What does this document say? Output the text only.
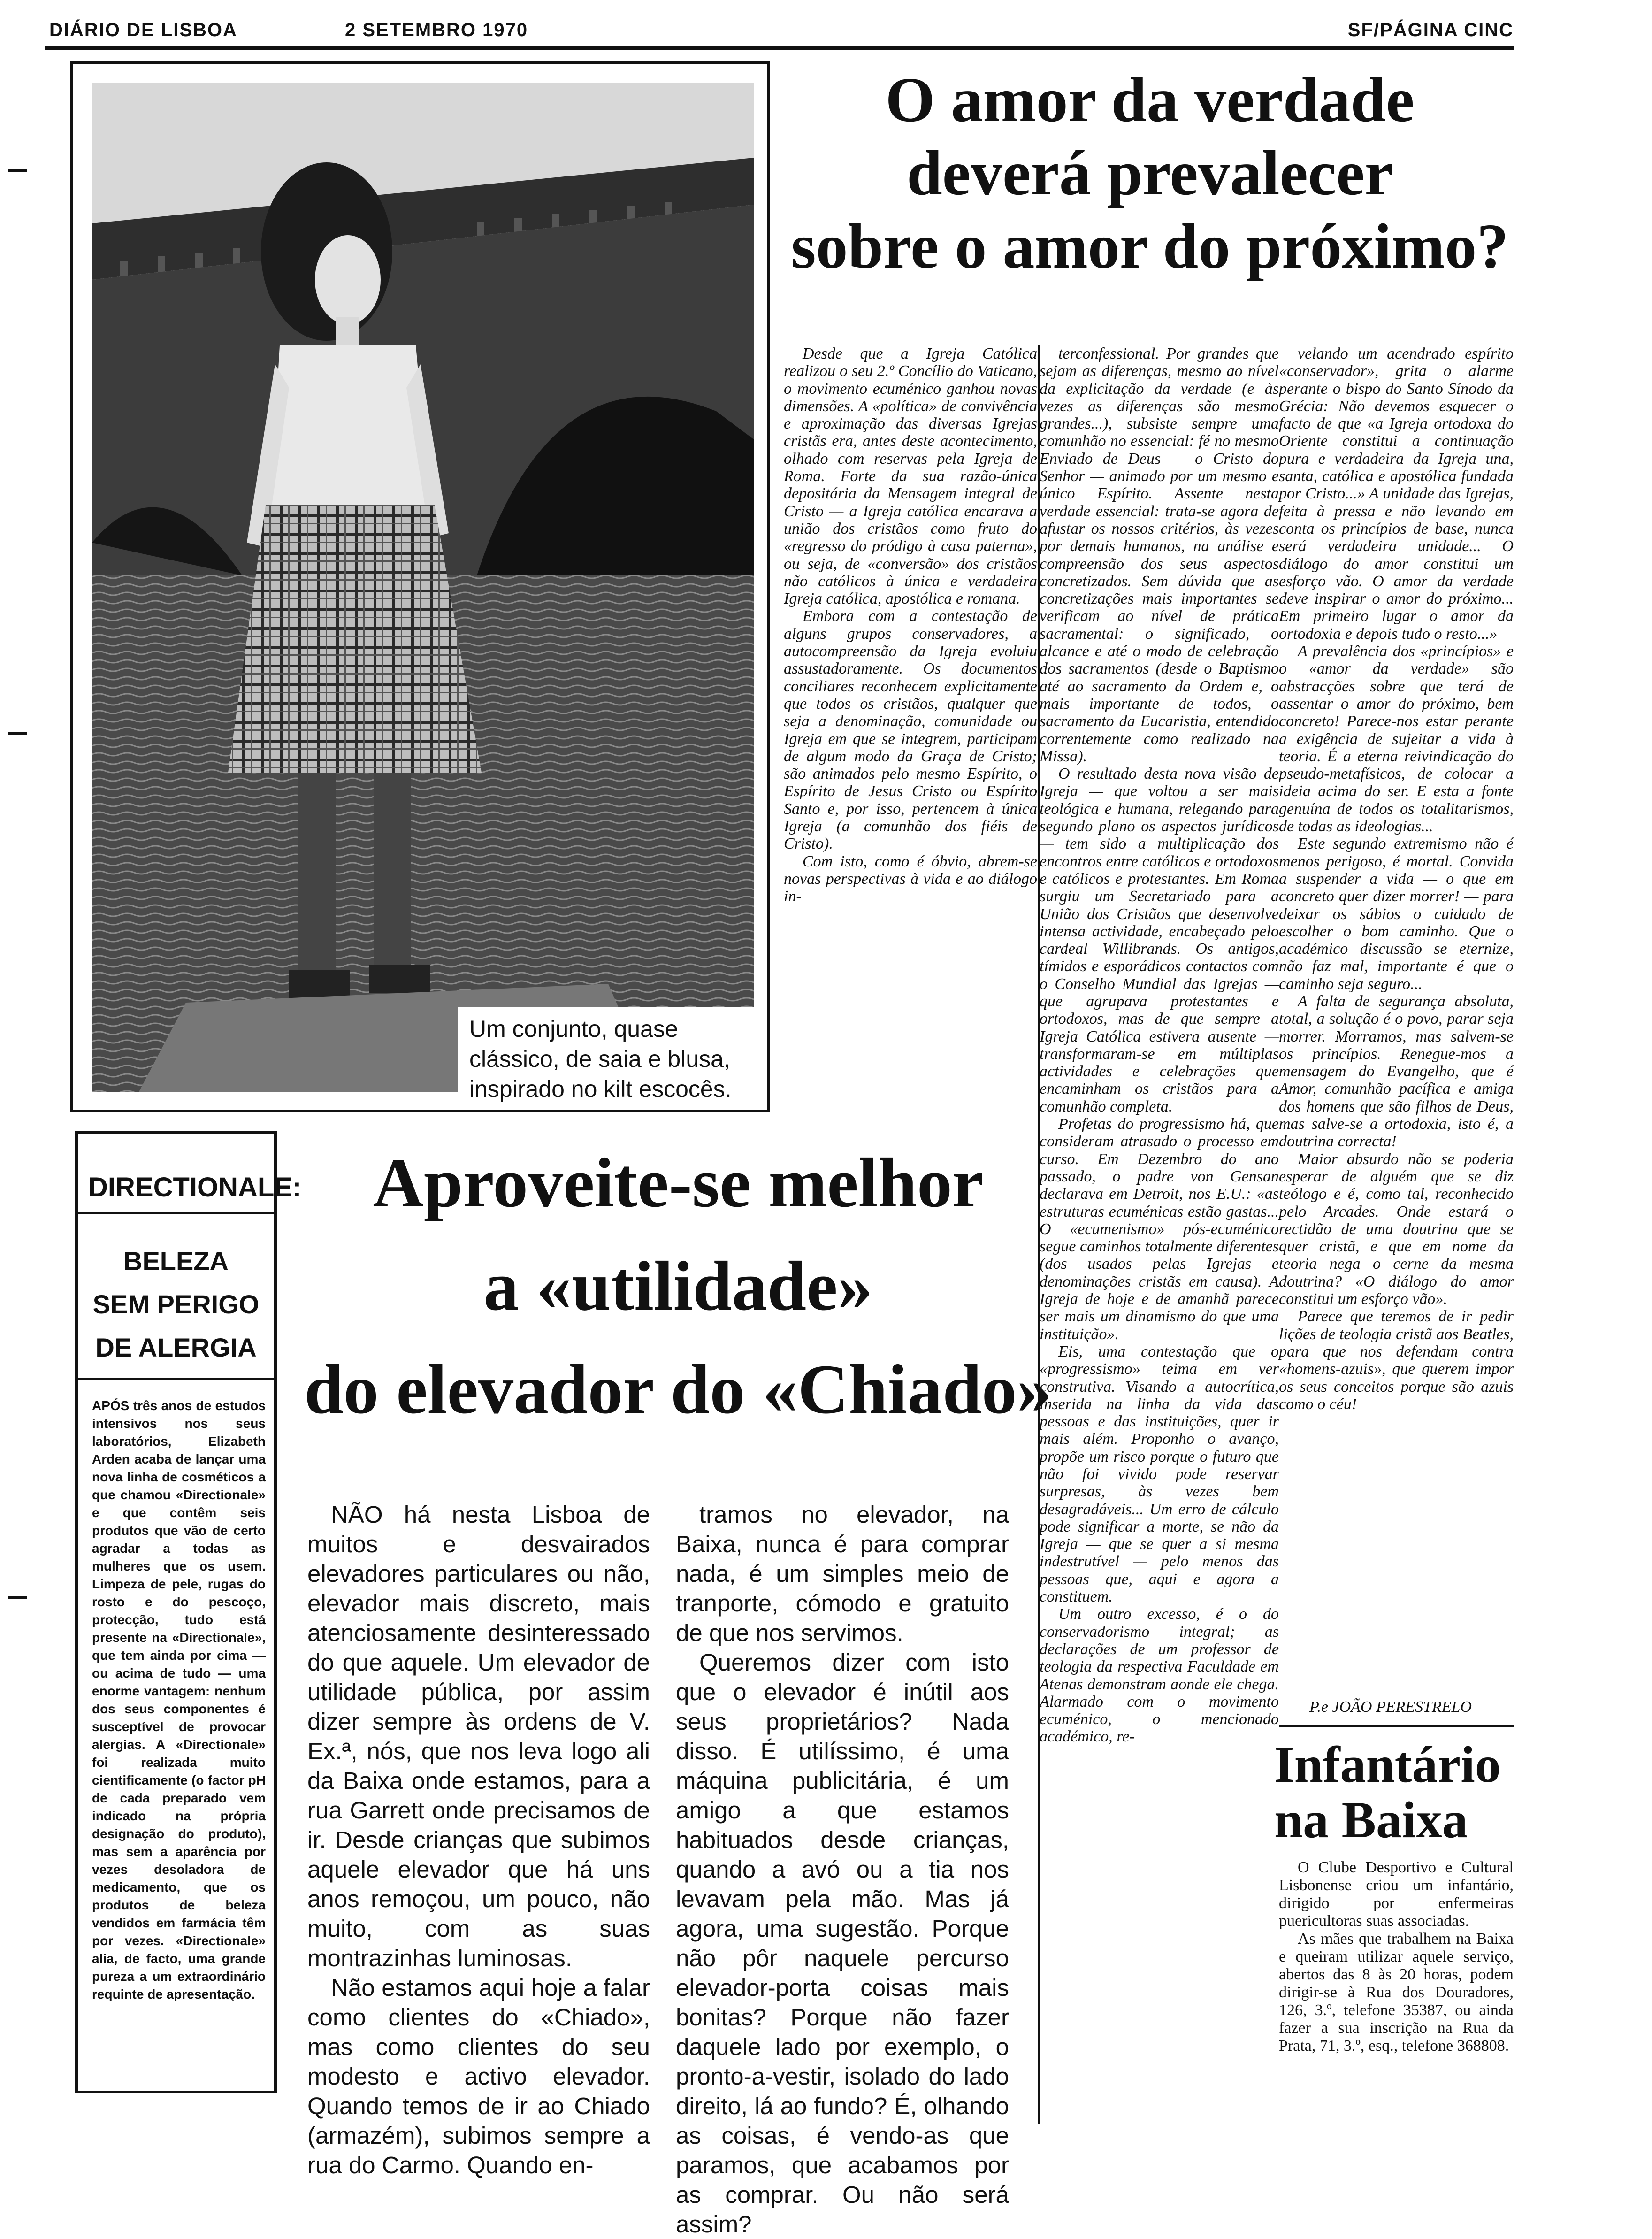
DIÁRIO DE LISBOA	2 SETEMBRO 1970	SF/PÁGINA CINC
Um conjunto, quase clássico, de saia e blusa, inspirado no kilt escocês.
O amor da verdade
deverá prevalecer
sobre o amor do próximo?

Desde que a Igreja Católica realizou o seu 2.º Concílio do Vaticano, o movimento ecuménico ganhou novas dimensões. A «política» de convivência e aproximação das diversas Igrejas cristãs era, antes deste acontecimento, olhado com reservas pela Igreja de Roma. Forte da sua razão-única depositária da Mensagem integral de Cristo — a Igreja católica encarava a união dos cristãos como fruto do «regresso do pródigo à casa paterna», ou seja, de «conversão» dos cristãos não católicos à única e verdadeira Igreja católica, apostólica e romana.

Embora com a contestação de alguns grupos conservadores, a autocompreensão da Igreja evoluiu assustadoramente. Os documentos conciliares reconhecem explicitamente que todos os cristãos, qualquer que seja a denominação, comunidade ou Igreja em que se integrem, participam de algum modo da Graça de Cristo; são animados pelo mesmo Espírito, o Espírito de Jesus Cristo ou Espírito Santo e, por isso, pertencem à única Igreja (a comunhão dos fiéis de Cristo).

Com isto, como é óbvio, abrem-se novas perspectivas à vida e ao diálogo in-

terconfessional. Por grandes que sejam as diferenças, mesmo ao nível da explicitação da verdade (e às vezes as diferenças são mesmo grandes...), subsiste sempre uma comunhão no essencial: fé no mesmo Enviado de Deus — o Cristo do Senhor — animado por um mesmo e único Espírito. Assente nesta verdade essencial: trata-se agora de afustar os nossos critérios, às vezes por demais humanos, na análise e compreensão dos seus aspectos concretizados. Sem dúvida que as concretizações mais importantes se verificam ao nível de prática sacramental: o significado, o alcance e até o modo de celebração dos sacramentos (desde o Baptismo até ao sacramento da Ordem e, o mais importante de todos, o sacramento da Eucaristia, entendido correntemente como realizado na Missa).

O resultado desta nova visão de Igreja — que voltou a ser mais teológica e humana, relegando para segundo plano os aspectos jurídicos — tem sido a multiplicação dos encontros entre católicos e ortodoxos e católicos e protestantes. Em Roma surgiu um Secretariado para a União dos Cristãos que desenvolve intensa actividade, encabeçado pelo cardeal Willibrands. Os antigos, tímidos e esporádicos contactos com o Conselho Mundial das Igrejas — que agrupava protestantes e ortodoxos, mas de que sempre a Igreja Católica estivera ausente — transformaram-se em múltiplas actividades e celebrações que encaminham os cristãos para a comunhão completa.

Profetas do progressismo há, que consideram atrasado o processo em curso. Em Dezembro do ano passado, o padre von Gensan declarava em Detroit, nos E.U.: «as estruturas ecuménicas estão gastas... O «ecumenismo» pós-ecuménico segue caminhos totalmente diferentes (dos usados pelas Igrejas e denominações cristãs em causa). A Igreja de hoje e de amanhã parece ser mais um dinamismo do que uma instituição».

Eis, uma contestação que o «progressismo» teima em ver construtiva. Visando a autocrítica, inserida na linha da vida das pessoas e das instituições, quer ir mais além. Proponho o avanço, propõe um risco porque o futuro que não foi vivido pode reservar surpresas, às vezes bem desagradáveis... Um erro de cálculo pode significar a morte, se não da Igreja — que se quer a si mesma indestrutível — pelo menos das pessoas que, aqui e agora a constituem.

Um outro excesso, é o do conservadorismo integral; as declarações de um professor de teologia da respectiva Faculdade em Atenas demonstram aonde ele chega. Alarmado com o movimento ecuménico, o mencionado académico, re-

velando um acendrado espírito «conservador», grita o alarme perante o bispo do Santo Sínodo da Grécia: Não devemos esquecer o facto de que «a Igreja ortodoxa do Oriente constitui a continuação pura e verdadeira da Igreja una, santa, católica e apostólica fundada por Cristo...» A unidade das Igrejas, feita à pressa e não levando em conta os princípios de base, nunca será verdadeira unidade... O diálogo do amor constitui um esforço vão. O amor da verdade deve inspirar o amor do próximo... Em primeiro lugar o amor da ortodoxia e depois tudo o resto...»

A prevalência dos «princípios» e o «amor da verdade» são abstracções sobre que terá de assentar o amor do próximo, bem concreto! Parece-nos estar perante a exigência de sujeitar a vida à teoria. É a eterna reivindicação do pseudo-metafísicos, de colocar a ideia acima do ser. E esta a fonte genuína de todos os totalitarismos, de todas as ideologias...

Este segundo extremismo não é menos perigoso, é mortal. Convida a suspender a vida — o que em concreto quer dizer morrer! — para deixar os sábios o cuidado de escolher o bom caminho. Que o académico discussão se eternize, não faz mal, importante é que o caminho seja seguro...

A falta de segurança absoluta, total, a solução é o povo, parar seja morrer. Morramos, mas salvem-se os princípios. Renegue-mos a mensagem do Evangelho, que é Amor, comunhão pacífica e amiga dos homens que são filhos de Deus, mas salve-se a ortodoxia, isto é, a doutrina correcta!

Maior absurdo não se poderia esperar de alguém que se diz teólogo e é, como tal, reconhecido pelo Arcades. Onde estará o rectidão de uma doutrina que se quer cristã, e que em nome da teoria nega o cerne da mesma doutrina? «O diálogo do amor constitui um esforço vão».

Parece que teremos de ir pedir lições de teologia cristã aos Beatles, para que nos defendam contra «homens-azuis», que querem impor os seus conceitos porque são azuis como o céu!

P.e JOÃO PERESTRELO
Infantário
na Baixa

O Clube Desportivo e Cultural Lisbonense criou um infantário, dirigido por enfermeiras puericultoras suas associadas.

As mães que trabalhem na Baixa e queiram utilizar aquele serviço, abertos das 8 às 20 horas, podem dirigir-se à Rua dos Douradores, 126, 3.º, telefone 35387, ou ainda fazer a sua inscrição na Rua da Prata, 71, 3.º, esq., telefone 368808.

DIRECTIONALE:
BELEZA
SEM PERIGO
DE ALERGIA
APÓS três anos de estudos intensivos nos seus laboratórios, Elizabeth Arden acaba de lançar uma nova linha de cosméticos a que chamou «Directionale» e que contêm seis produtos que vão de certo agradar a todas as mulheres que os usem. Limpeza de pele, rugas do rosto e do pescoço, protecção, tudo está presente na «Directionale», que tem ainda por cima — ou acima de tudo — uma enorme vantagem: nenhum dos seus componentes é susceptível de provocar alergias. A «Directionale» foi realizada muito cientificamente (o factor pH de cada preparado vem indicado na própria designação do produto), mas sem a aparência por vezes desoladora de medicamento, que os produtos de beleza vendidos em farmácia têm por vezes. «Directionale» alia, de facto, uma grande pureza a um extraordinário requinte de apresentação.
Aproveite-se melhor
a «utilidade»
do elevador do «Chiado»

NÃO há nesta Lisboa de muitos e desvairados elevadores particulares ou não, elevador mais discreto, mais atenciosamente desinteressado do que aquele. Um elevador de utilidade pública, por assim dizer sempre às ordens de V. Ex.ª, nós, que nos leva logo ali da Baixa onde estamos, para a rua Garrett onde precisamos de ir. Desde crianças que subimos aquele elevador que há uns anos remoçou, um pouco, não muito, com as suas montrazinhas luminosas.

Não estamos aqui hoje a falar como clientes do «Chiado», mas como clientes do seu modesto e activo elevador. Quando temos de ir ao Chiado (armazém), subimos sempre a rua do Carmo. Quando en-

tramos no elevador, na Baixa, nunca é para comprar nada, é um simples meio de tranporte, cómodo e gratuito de que nos servimos.

Queremos dizer com isto que o elevador é inútil aos seus proprietários? Nada disso. É utilíssimo, é uma máquina publicitária, é um amigo a que estamos habituados desde crianças, quando a avó ou a tia nos levavam pela mão. Mas já agora, uma sugestão. Porque não pôr naquele percurso elevador-porta coisas mais bonitas? Porque não fazer daquele lado por exemplo, o pronto-a-vestir, isolado do lado direito, lá ao fundo? É, olhando as coisas, é vendo-as que paramos, que acabamos por as comprar. Ou não será assim?
